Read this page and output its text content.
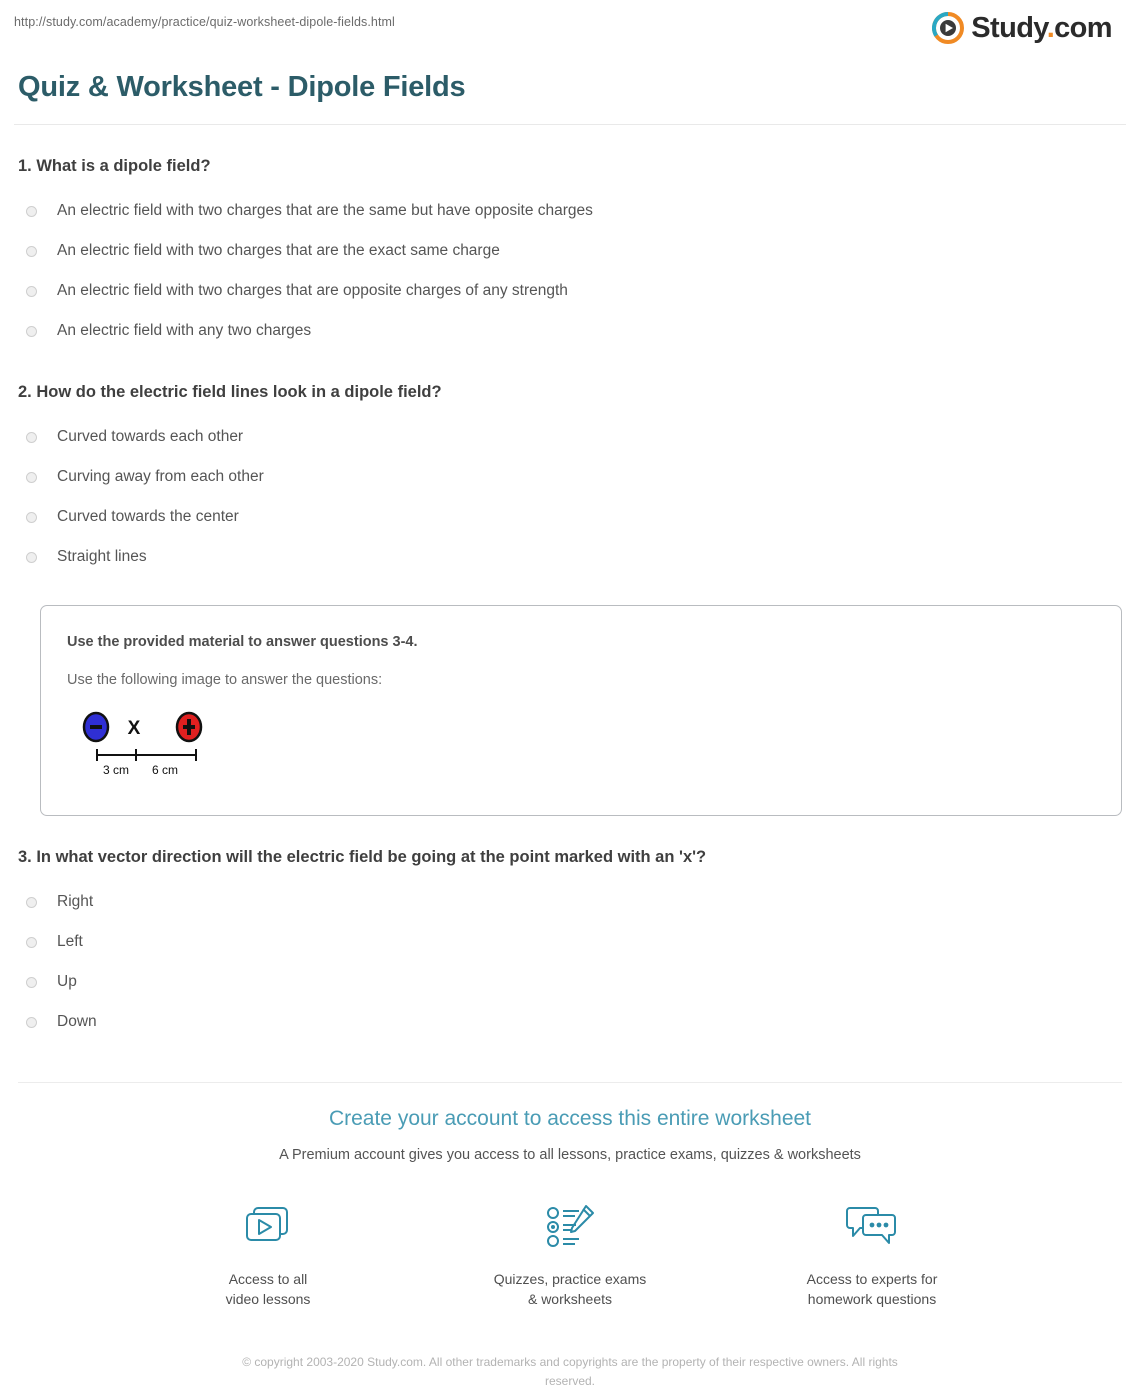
http://study.com/academy/practice/quiz-worksheet-dipole-fields.html	Study.com
Quiz & Worksheet - Dipole Fields

1. What is a dipole field?

An electric field with two charges that are the same but have opposite charges
An electric field with two charges that are the exact same charge
An electric field with two charges that are opposite charges of any strength
An electric field with any two charges

2. How do the electric field lines look in a dipole field?

Curved towards each other
Curving away from each other
Curved towards the center
Straight lines

Use the provided material to answer questions 3-4.

Use the following image to answer the questions:

X
3 cm 6 cm

3. In what vector direction will the electric field be going at the point marked with an 'x'?

Right
Left
Up
Down
Create your account to access this entire worksheet

A Premium account gives you access to all lessons, practice exams, quizzes & worksheets

Access to all
video lessons
Quizzes, practice exams
& worksheets
Access to experts for
homework questions
© copyright 2003-2020 Study.com. All other trademarks and copyrights are the property of their respective owners. All rights reserved.
